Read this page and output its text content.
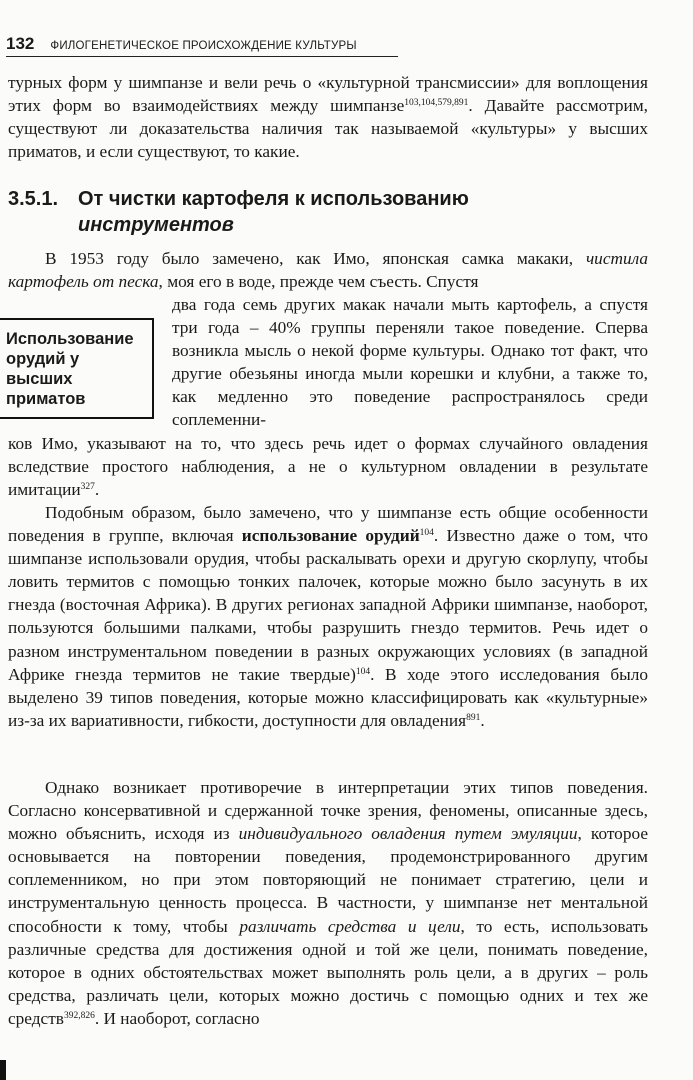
132 ФИЛОГЕНЕТИЧЕСКОЕ ПРОИСХОЖДЕНИЕ КУЛЬТУРЫ

турных форм у шимпанзе и вели речь о «культурной трансмиссии» для воплощения этих форм во взаимодействиях между шимпанзе$^{103,104,579,891}$. Давайте рассмотрим, существуют ли доказательства наличия так называемой «культуры» у высших приматов, и если существуют, то какие.

3.5.1. От чистки картофеля к использованию
инструментов

В 1953 году было замечено, как Имо, японская самка макаки, чистила картофель от песка, моя его в воде, прежде чем съесть. Спустя

Использование
орудий у
высших
приматов
два года семь других макак начали мыть картофель, а спустя три года – 40% группы переняли такое поведение. Сперва возникла мысль о некой форме культуры. Однако тот факт, что другие обезьяны иногда мыли корешки и клубни, а также то, как медленно это поведение распространялось среди соплеменни-

ков Имо, указывают на то, что здесь речь идет о формах случайного овладения вследствие простого наблюдения, а не о культурном овладении в результате имитации$^{327}$.

Подобным образом, было замечено, что у шимпанзе есть общие особенности поведения в группе, включая использование орудий$^{104}$. Известно даже о том, что шимпанзе использовали орудия, чтобы раскалывать орехи и другую скорлупу, чтобы ловить термитов с помощью тонких палочек, которые можно было засунуть в их гнезда (восточная Африка). В других регионах западной Африки шимпанзе, наоборот, пользуются большими палками, чтобы разрушить гнездо термитов. Речь идет о разном инструментальном поведении в разных окружающих условиях (в западной Африке гнезда термитов не такие твердые)$^{104}$. В ходе этого исследования было выделено 39 типов поведения, которые можно классифицировать как «культурные» из-за их вариативности, гибкости, доступности для овладения$^{891}$.

Однако возникает противоречие в интерпретации этих типов поведения. Согласно консервативной и сдержанной точке зрения, феномены, описанные здесь, можно объяснить, исходя из индивидуального овладения путем эмуляции, которое основывается на повторении поведения, продемонстрированного другим соплеменником, но при этом повторяющий не понимает стратегию, цели и инструментальную ценность процесса. В частности, у шимпанзе нет ментальной способности к тому, чтобы различать средства и цели, то есть, использовать различные средства для достижения одной и той же цели, понимать поведение, которое в одних обстоятельствах может выполнять роль цели, а в других – роль средства, различать цели, которых можно достичь с помощью одних и тех же средств$^{392,826}$. И наоборот, согласно
